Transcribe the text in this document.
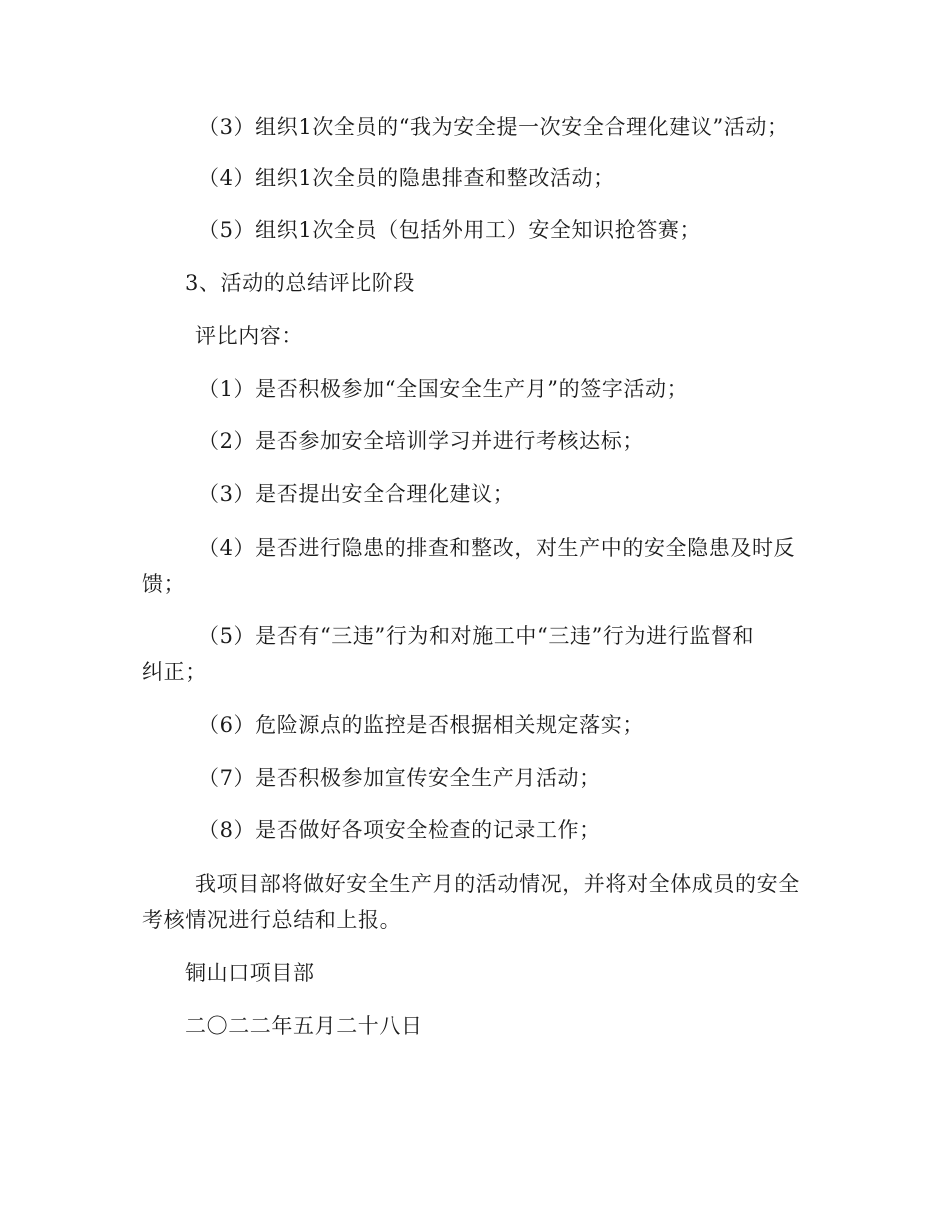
（3）组织1次全员的“我为安全提一次安全合理化建议”活动；
（4）组织1次全员的隐患排查和整改活动；
（5）组织1次全员（包括外用工）安全知识抢答赛；
3、活动的总结评比阶段
评比内容：
（1）是否积极参加“全国安全生产月”的签字活动；
（2）是否参加安全培训学习并进行考核达标；
（3）是否提出安全合理化建议；
（4）是否进行隐患的排查和整改，对生产中的安全隐患及时反
馈；
（5）是否有“三违”行为和对施工中“三违”行为进行监督和
纠正；
（6）危险源点的监控是否根据相关规定落实；
（7）是否积极参加宣传安全生产月活动；
（8）是否做好各项安全检查的记录工作；
我项目部将做好安全生产月的活动情况，并将对全体成员的安全
考核情况进行总结和上报。
铜山口项目部
二〇二二年五月二十八日
